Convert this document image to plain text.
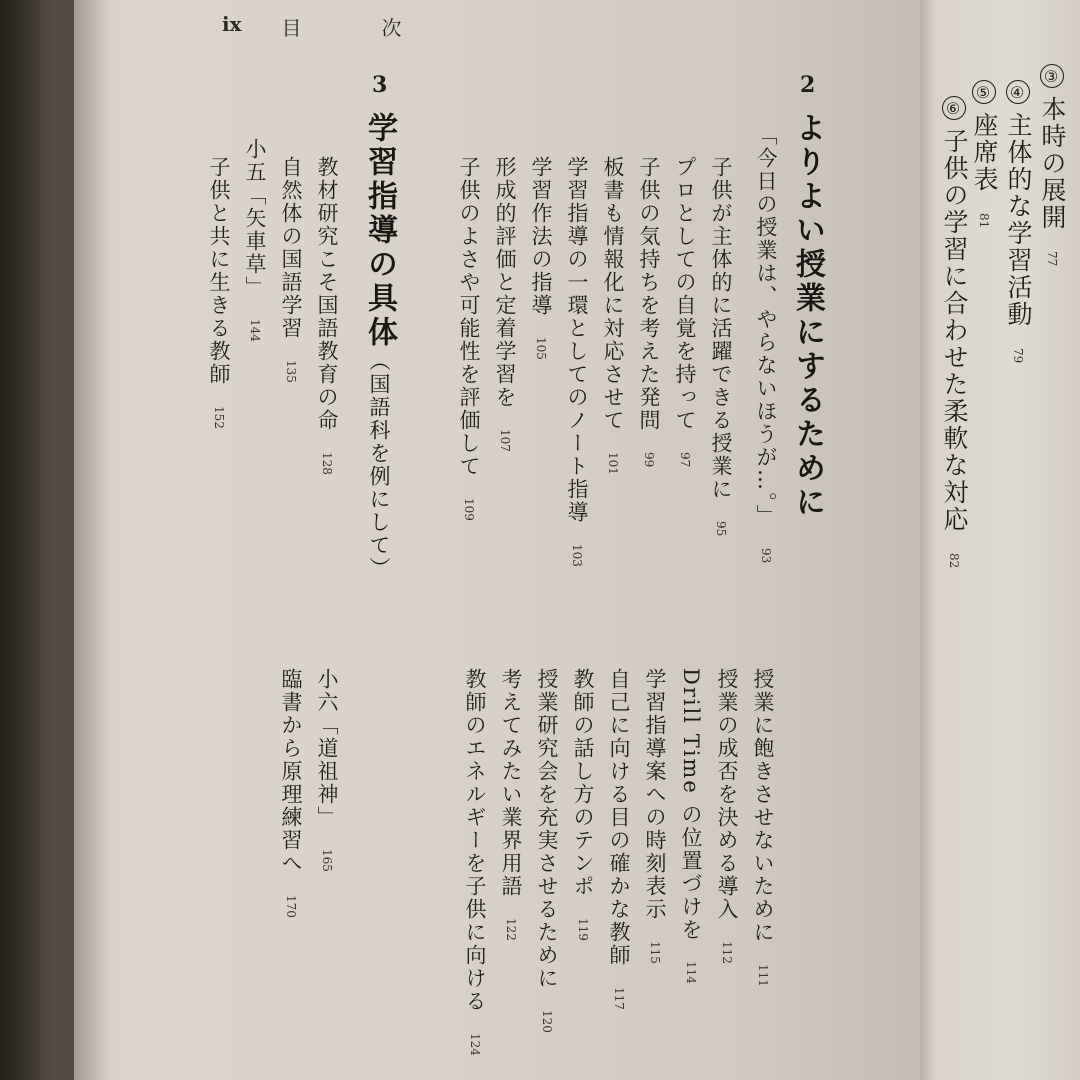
ix 目　次
③本時の展開77
④主体的な学習活動79
⑤座席表81
⑥子供の学習に合わせた柔軟な対応82
2
よりよい授業にするために
「今日の授業は、やらないほうが…。」93
子供が主体的に活躍できる授業に95
プロとしての自覚を持って97
子供の気持ちを考えた発問99
板書も情報化に対応させて101
学習指導の一環としてのノート指導103
学習作法の指導105
形成的評価と定着学習を107
子供のよさや可能性を評価して109
授業に飽きさせないために111
授業の成否を決める導入112
Drill Time の位置づけを114
学習指導案への時刻表示115
自己に向ける目の確かな教師117
教師の話し方のテンポ119
授業研究会を充実させるために120
考えてみたい業界用語122
教師のエネルギーを子供に向ける124
3
学習指導の具体（国語科を例にして）
教材研究こそ国語教育の命128
自然体の国語学習135
小五「矢車草」144
子供と共に生きる教師152
小六「道祖神」165
臨書から原理練習へ170
